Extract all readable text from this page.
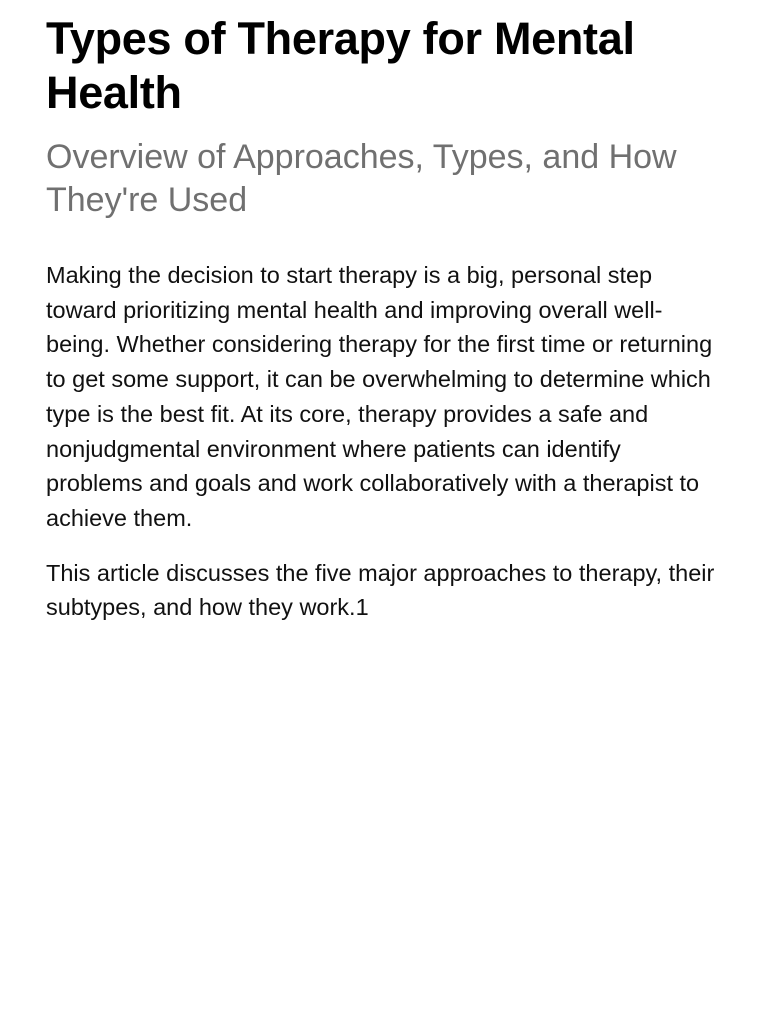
Types of Therapy for Mental Health
Overview of Approaches, Types, and How They're Used

Making the decision to start therapy is a big, personal step toward prioritizing mental health and improving overall well-being. Whether considering therapy for the first time or returning to get some support, it can be overwhelming to determine which type is the best fit. At its core, therapy provides a safe and nonjudgmental environment where patients can identify problems and goals and work collaboratively with a therapist to achieve them.

This article discusses the five major approaches to therapy, their subtypes, and how they work.1
